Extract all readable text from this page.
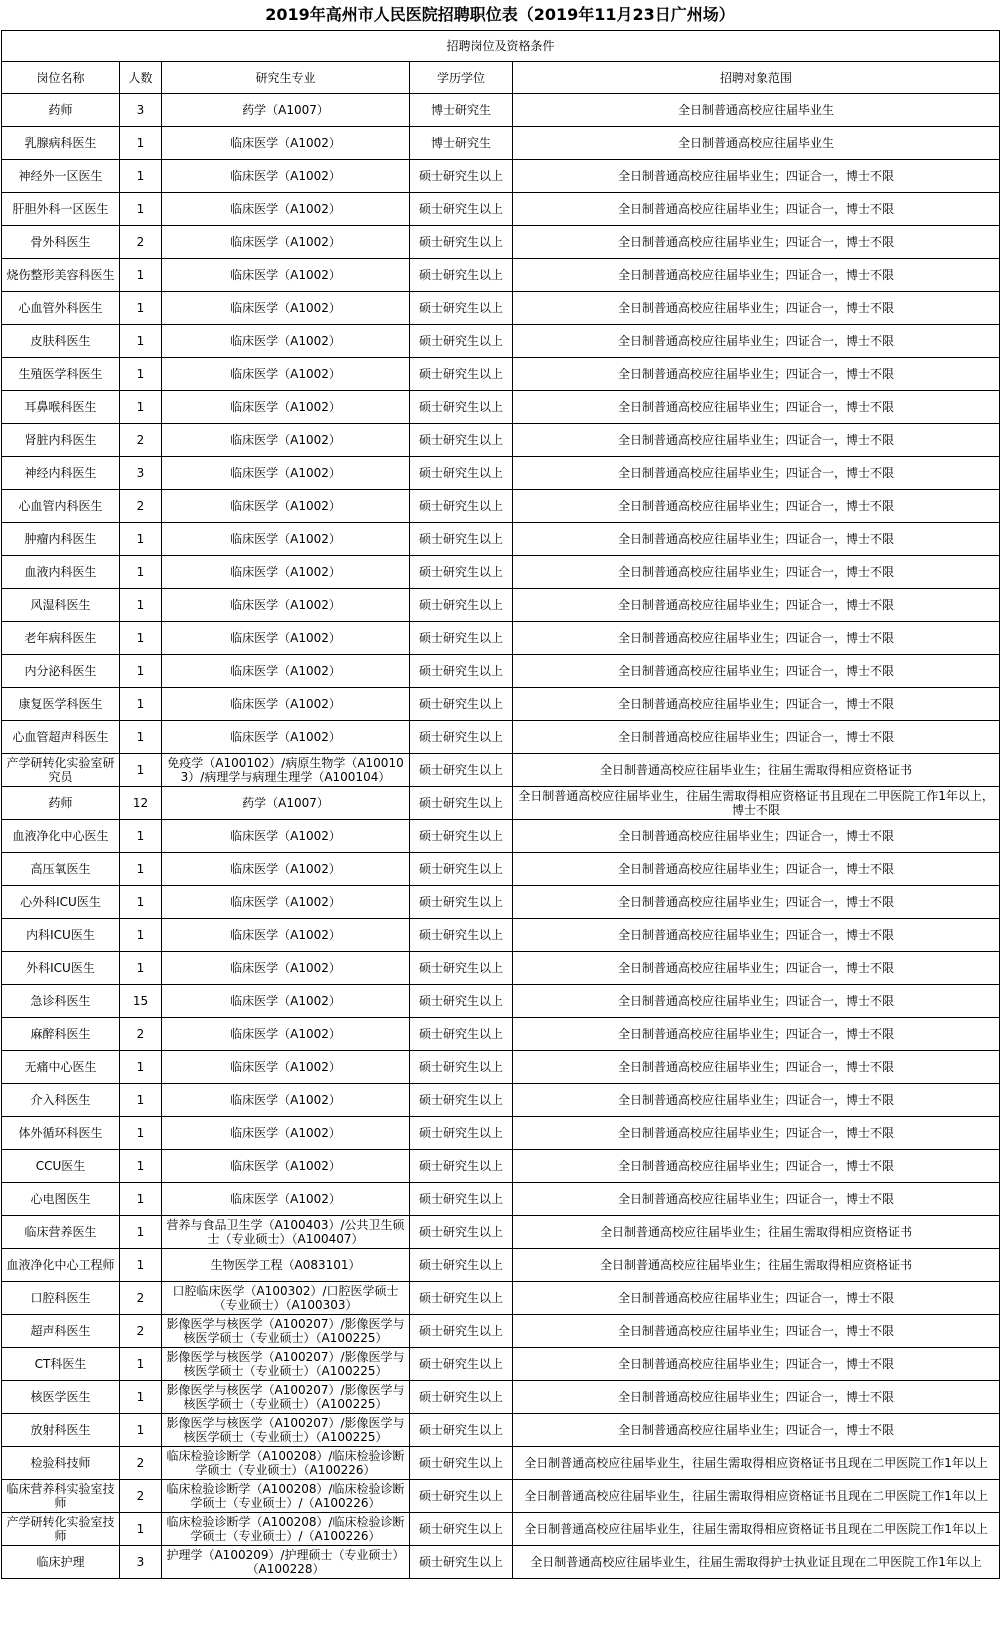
2019年高州市人民医院招聘职位表（2019年11月23日广州场）
招聘岗位及资格条件				
岗位名称	人数	研究生专业	学历学位	招聘对象范围
药师	3	药学（A1007）	博士研究生	全日制普通高校应往届毕业生
乳腺病科医生	1	临床医学（A1002）	博士研究生	全日制普通高校应往届毕业生
神经外一区医生	1	临床医学（A1002）	硕士研究生以上	全日制普通高校应往届毕业生；四证合一，博士不限
肝胆外科一区医生	1	临床医学（A1002）	硕士研究生以上	全日制普通高校应往届毕业生；四证合一，博士不限
骨外科医生	2	临床医学（A1002）	硕士研究生以上	全日制普通高校应往届毕业生；四证合一，博士不限
烧伤整形美容科医生	1	临床医学（A1002）	硕士研究生以上	全日制普通高校应往届毕业生；四证合一，博士不限
心血管外科医生	1	临床医学（A1002）	硕士研究生以上	全日制普通高校应往届毕业生；四证合一，博士不限
皮肤科医生	1	临床医学（A1002）	硕士研究生以上	全日制普通高校应往届毕业生；四证合一，博士不限
生殖医学科医生	1	临床医学（A1002）	硕士研究生以上	全日制普通高校应往届毕业生；四证合一，博士不限
耳鼻喉科医生	1	临床医学（A1002）	硕士研究生以上	全日制普通高校应往届毕业生；四证合一，博士不限
肾脏内科医生	2	临床医学（A1002）	硕士研究生以上	全日制普通高校应往届毕业生；四证合一，博士不限
神经内科医生	3	临床医学（A1002）	硕士研究生以上	全日制普通高校应往届毕业生；四证合一，博士不限
心血管内科医生	2	临床医学（A1002）	硕士研究生以上	全日制普通高校应往届毕业生；四证合一，博士不限
肿瘤内科医生	1	临床医学（A1002）	硕士研究生以上	全日制普通高校应往届毕业生；四证合一，博士不限
血液内科医生	1	临床医学（A1002）	硕士研究生以上	全日制普通高校应往届毕业生；四证合一，博士不限
风湿科医生	1	临床医学（A1002）	硕士研究生以上	全日制普通高校应往届毕业生；四证合一，博士不限
老年病科医生	1	临床医学（A1002）	硕士研究生以上	全日制普通高校应往届毕业生；四证合一，博士不限
内分泌科医生	1	临床医学（A1002）	硕士研究生以上	全日制普通高校应往届毕业生；四证合一，博士不限
康复医学科医生	1	临床医学（A1002）	硕士研究生以上	全日制普通高校应往届毕业生；四证合一，博士不限
心血管超声科医生	1	临床医学（A1002）	硕士研究生以上	全日制普通高校应往届毕业生；四证合一，博士不限
产学研转化实验室研究员	1	免疫学（A100102）/病原生物学（A100103）/病理学与病理生理学（A100104）	硕士研究生以上	全日制普通高校应往届毕业生；往届生需取得相应资格证书
药师	12	药学（A1007）	硕士研究生以上	全日制普通高校应往届毕业生，往届生需取得相应资格证书且现在二甲医院工作1年以上，博士不限
血液净化中心医生	1	临床医学（A1002）	硕士研究生以上	全日制普通高校应往届毕业生；四证合一，博士不限
高压氧医生	1	临床医学（A1002）	硕士研究生以上	全日制普通高校应往届毕业生；四证合一，博士不限
心外科ICU医生	1	临床医学（A1002）	硕士研究生以上	全日制普通高校应往届毕业生；四证合一，博士不限
内科ICU医生	1	临床医学（A1002）	硕士研究生以上	全日制普通高校应往届毕业生；四证合一，博士不限
外科ICU医生	1	临床医学（A1002）	硕士研究生以上	全日制普通高校应往届毕业生；四证合一，博士不限
急诊科医生	15	临床医学（A1002）	硕士研究生以上	全日制普通高校应往届毕业生；四证合一，博士不限
麻醉科医生	2	临床医学（A1002）	硕士研究生以上	全日制普通高校应往届毕业生；四证合一，博士不限
无痛中心医生	1	临床医学（A1002）	硕士研究生以上	全日制普通高校应往届毕业生；四证合一，博士不限
介入科医生	1	临床医学（A1002）	硕士研究生以上	全日制普通高校应往届毕业生；四证合一，博士不限
体外循环科医生	1	临床医学（A1002）	硕士研究生以上	全日制普通高校应往届毕业生；四证合一，博士不限
CCU医生	1	临床医学（A1002）	硕士研究生以上	全日制普通高校应往届毕业生；四证合一，博士不限
心电图医生	1	临床医学（A1002）	硕士研究生以上	全日制普通高校应往届毕业生；四证合一，博士不限
临床营养医生	1	营养与食品卫生学（A100403）/公共卫生硕士（专业硕士）（A100407）	硕士研究生以上	全日制普通高校应往届毕业生；往届生需取得相应资格证书
血液净化中心工程师	1	生物医学工程（A083101）	硕士研究生以上	全日制普通高校应往届毕业生；往届生需取得相应资格证书
口腔科医生	2	口腔临床医学（A100302）/口腔医学硕士（专业硕士）（A100303）	硕士研究生以上	全日制普通高校应往届毕业生；四证合一，博士不限
超声科医生	2	影像医学与核医学（A100207）/影像医学与核医学硕士（专业硕士）（A100225）	硕士研究生以上	全日制普通高校应往届毕业生；四证合一，博士不限
CT科医生	1	影像医学与核医学（A100207）/影像医学与核医学硕士（专业硕士）（A100225）	硕士研究生以上	全日制普通高校应往届毕业生；四证合一，博士不限
核医学医生	1	影像医学与核医学（A100207）/影像医学与核医学硕士（专业硕士）（A100225）	硕士研究生以上	全日制普通高校应往届毕业生；四证合一，博士不限
放射科医生	1	影像医学与核医学（A100207）/影像医学与核医学硕士（专业硕士）（A100225）	硕士研究生以上	全日制普通高校应往届毕业生；四证合一，博士不限
检验科技师	2	临床检验诊断学（A100208）/临床检验诊断学硕士（专业硕士）（A100226）	硕士研究生以上	全日制普通高校应往届毕业生，往届生需取得相应资格证书且现在二甲医院工作1年以上
临床营养科实验室技师	2	临床检验诊断学（A100208）/临床检验诊断学硕士（专业硕士）/（A100226）	硕士研究生以上	全日制普通高校应往届毕业生，往届生需取得相应资格证书且现在二甲医院工作1年以上
产学研转化实验室技师	1	临床检验诊断学（A100208）/临床检验诊断学硕士（专业硕士）/（A100226）	硕士研究生以上	全日制普通高校应往届毕业生，往届生需取得相应资格证书且现在二甲医院工作1年以上
临床护理	3	护理学（A100209）/护理硕士（专业硕士）（A100228）	硕士研究生以上	全日制普通高校应往届毕业生，往届生需取得护士执业证且现在二甲医院工作1年以上
